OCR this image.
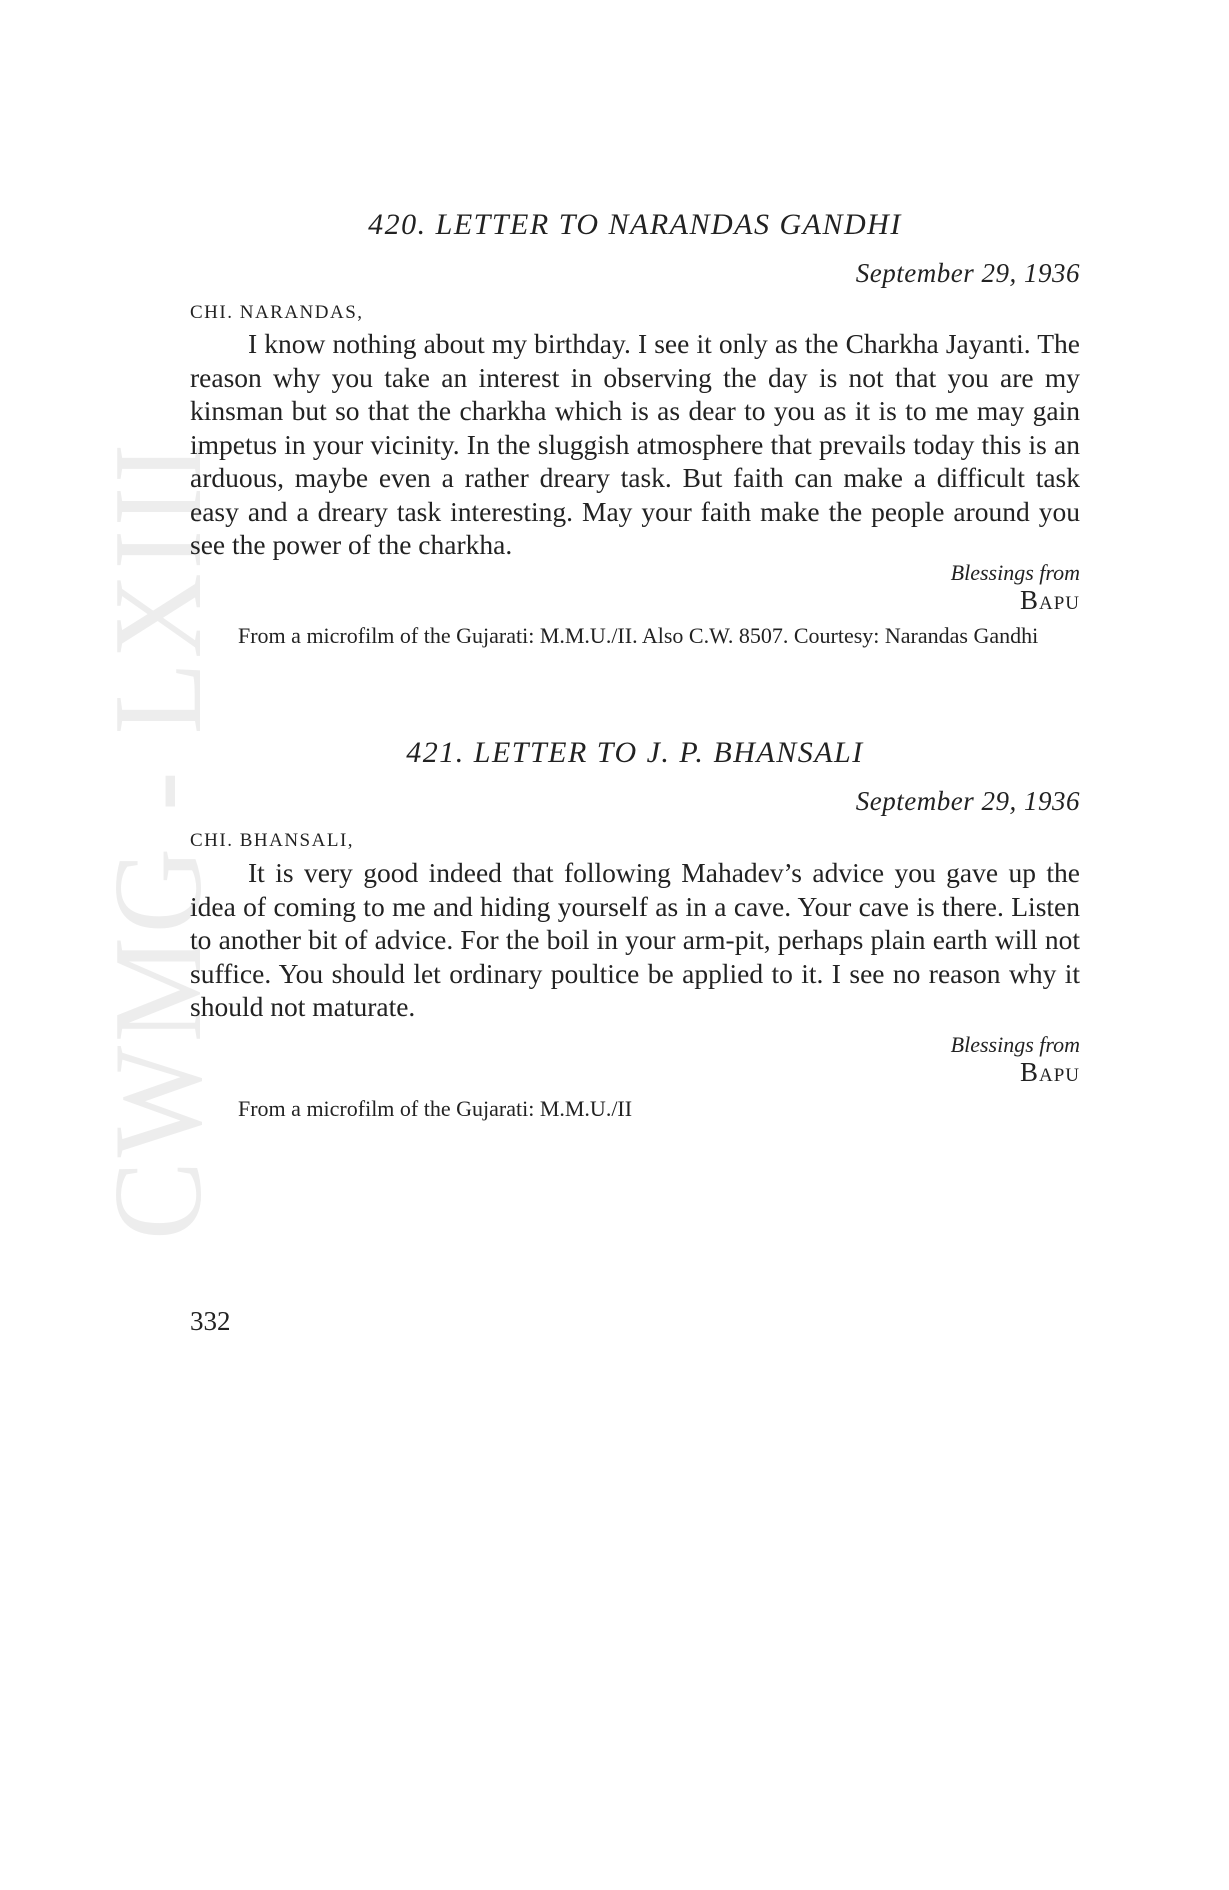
CWMG - LXIII
420. LETTER TO NARANDAS GANDHI
September 29, 1936
CHI. NARANDAS,

I know nothing about my birthday. I see it only as the Charkha Jayanti. The reason why you take an interest in observing the day is not that you are my kinsman but so that the charkha which is as dear to you as it is to me may gain impetus in your vicinity. In the sluggish atmosphere that prevails today this is an arduous, maybe even a rather dreary task. But faith can make a difficult task easy and a dreary task interesting. May your faith make the people around you see the power of the charkha.

Blessings from
Bapu

From a microfilm of the Gujarati: M.M.U./II. Also C.W. 8507. Courtesy: Narandas Gandhi

421. LETTER TO J. P. BHANSALI
September 29, 1936
CHI. BHANSALI,

It is very good indeed that following Mahadev’s advice you gave up the idea of coming to me and hiding yourself as in a cave. Your cave is there. Listen to another bit of advice. For the boil in your arm-pit, perhaps plain earth will not suffice. You should let ordinary poultice be applied to it. I see no reason why it should not maturate.

Blessings from
Bapu

From a microfilm of the Gujarati: M.M.U./II

332
